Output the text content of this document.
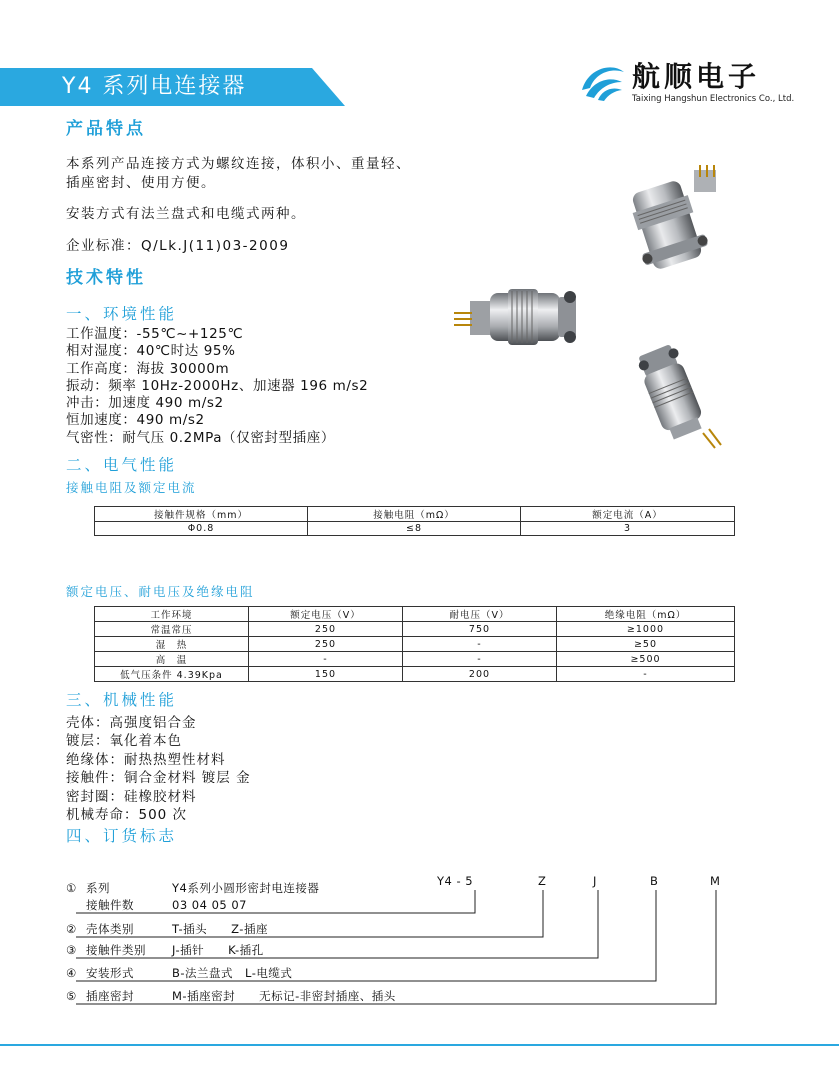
Y4 系列电连接器	航顺电子
Taixing Hangshun Electronics Co., Ltd.
产品特点
本系列产品连接方式为螺纹连接，体积小、重量轻、
插座密封、使用方便。
安装方式有法兰盘式和电缆式两种。
企业标准：Q/Lk.J(11)03-2009
技术特性
一、环境性能
工作温度：-55℃~+125℃
相对湿度：40℃时达 95%
工作高度：海拔 30000m
振动：频率 10Hz-2000Hz、加速器 196 m/s2
冲击：加速度 490 m/s2
恒加速度：490 m/s2
气密性：耐气压 0.2MPa（仅密封型插座）
二、电气性能
接触电阻及额定电流
接触件规格（mm）	接触电阻（mΩ）	额定电流（A）
Φ0.8	≤8	3
额定电压、耐电压及绝缘电阻
工作环境	额定电压（V）	耐电压（V）	绝缘电阻（mΩ）
常温常压	250	750	≥1000
湿　热	250	-	≥50
高　温	-	-	≥500
低气压条件 4.39Kpa	150	200	-
三、机械性能
壳体：高强度铝合金
镀层：氧化着本色
绝缘体：耐热热塑性材料
接触件：铜合金材料 镀层 金
密封圈：硅橡胶材料
机械寿命：500 次
四、订货标志
Y4 - 5	Z	J	B	M
① 系列	Y4系列小圆形密封电连接器
接触件数	03 04 05 07
② 壳体类别	T-插头　　Z-插座
③ 接触件类别 J-插针　　K-插孔
④ 安装形式	B-法兰盘式　L-电缆式
⑤ 插座密封	M-插座密封　　无标记-非密封插座、插头
